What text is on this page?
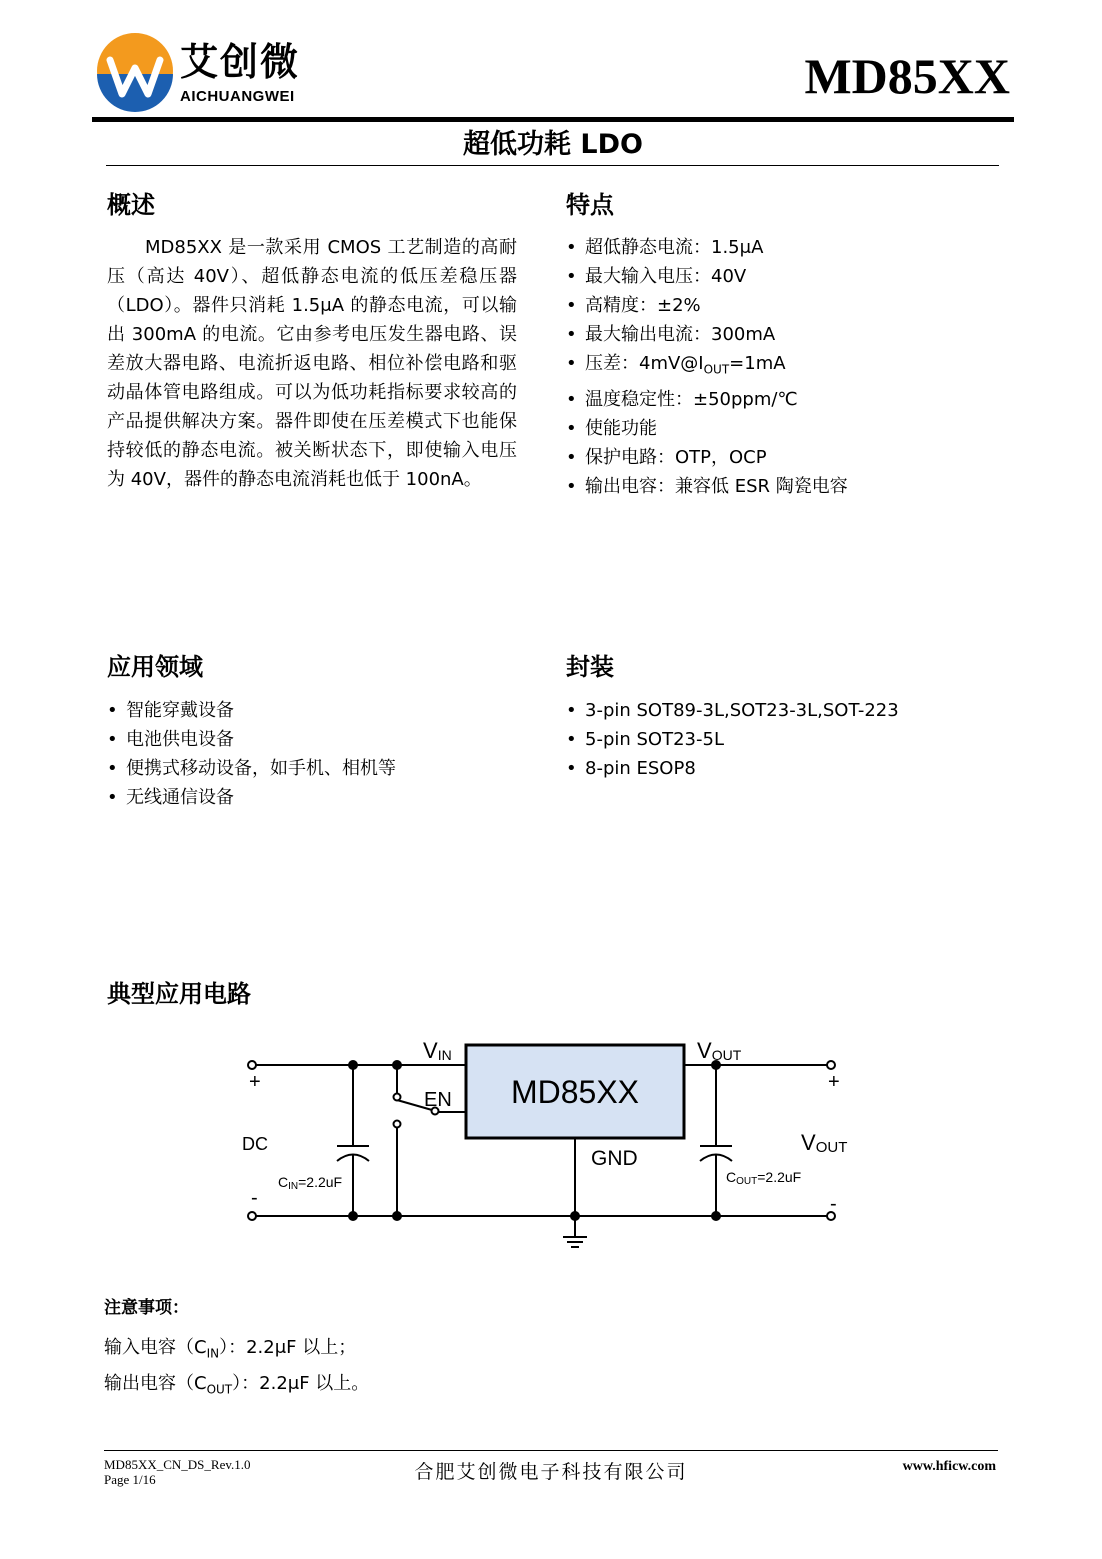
艾创微
AICHUANGWEI	MD85XX
超低功耗 LDO
概述

MD85XX 是一款采用 CMOS 工艺制造的高耐压（高达 40V）、超低静态电流的低压差稳压器（LDO）。器件只消耗 1.5μA 的静态电流，可以输出 300mA 的电流。它由参考电压发生器电路、误差放大器电路、电流折返电路、相位补偿电路和驱动晶体管电路组成。可以为低功耗指标要求较高的产品提供解决方案。器件即使在压差模式下也能保持较低的静态电流。被关断状态下，即使输入电压为 40V，器件的静态电流消耗也低于 100nA。

特点
• 超低静态电流：1.5μA
• 最大输入电压：40V
• 高精度：±2%
• 最大输出电流：300mA
• 压差：$4mV@I_{OUT}=1mA$
• 温度稳定性：±50ppm/℃
• 使能功能
• 保护电路：OTP，OCP
• 输出电容：兼容低 ESR 陶瓷电容
应用领域
• 智能穿戴设备
• 电池供电设备
• 便携式移动设备，如手机、相机等
• 无线通信设备
封装
• 3-pin SOT89-3L,SOT23-3L,SOT-223
• 5-pin SOT23-5L
• 8-pin ESOP8
典型应用电路
MD85XX
VIN	VOUT
EN
GND
DC
+
-
+
-
CIN=2.2uF	COUT=2.2uF
VOUT
注意事项：
输入电容$(C_{IN})$：2.2μF 以上；
输出电容$(C_{OUT})$：2.2μF 以上。
MD85XX_CN_DS_Rev.1.0
Page 1/16	合肥艾创微电子科技有限公司	www.hficw.com
